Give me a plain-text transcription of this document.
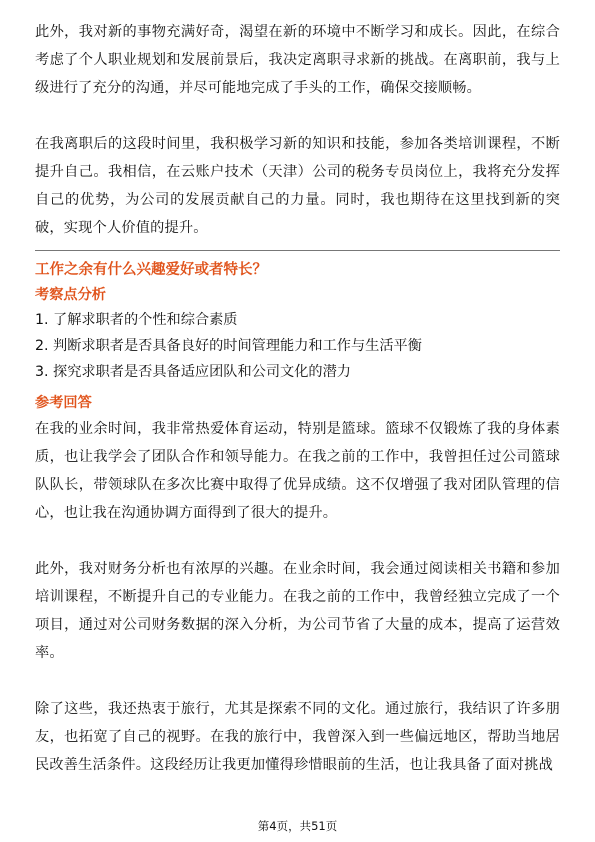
此外，我对新的事物充满好奇，渴望在新的环境中不断学习和成长。因此，在综合考虑了个人职业规划和发展前景后，我决定离职寻求新的挑战。在离职前，我与上级进行了充分的沟通，并尽可能地完成了手头的工作，确保交接顺畅。

在我离职后的这段时间里，我积极学习新的知识和技能，参加各类培训课程，不断提升自己。我相信，在云账户技术（天津）公司的税务专员岗位上，我将充分发挥自己的优势，为公司的发展贡献自己的力量。同时，我也期待在这里找到新的突破，实现个人价值的提升。

工作之余有什么兴趣爱好或者特长？

考察点分析

1. 了解求职者的个性和综合素质

2. 判断求职者是否具备良好的时间管理能力和工作与生活平衡

3. 探究求职者是否具备适应团队和公司文化的潜力

参考回答

在我的业余时间，我非常热爱体育运动，特别是篮球。篮球不仅锻炼了我的身体素质，也让我学会了团队合作和领导能力。在我之前的工作中，我曾担任过公司篮球队队长，带领球队在多次比赛中取得了优异成绩。这不仅增强了我对团队管理的信心，也让我在沟通协调方面得到了很大的提升。

此外，我对财务分析也有浓厚的兴趣。在业余时间，我会通过阅读相关书籍和参加培训课程，不断提升自己的专业能力。在我之前的工作中，我曾经独立完成了一个项目，通过对公司财务数据的深入分析，为公司节省了大量的成本，提高了运营效率。

除了这些，我还热衷于旅行，尤其是探索不同的文化。通过旅行，我结识了许多朋友，也拓宽了自己的视野。在我的旅行中，我曾深入到一些偏远地区，帮助当地居民改善生活条件。这段经历让我更加懂得珍惜眼前的生活，也让我具备了面对挑战

第4页，共51页
